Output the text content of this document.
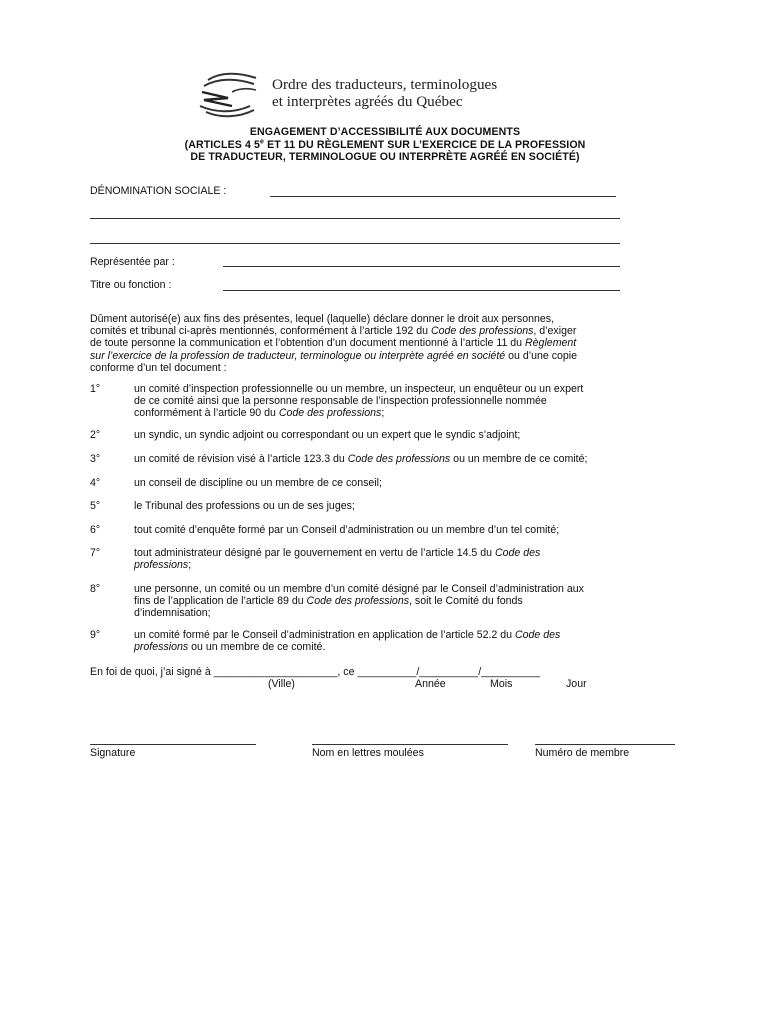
Ordre des traducteurs, terminologues
et interprètes agréés du Québec
ENGAGEMENT D’ACCESSIBILITÉ AUX DOCUMENTS
(ARTICLES 4 5e ET 11 DU RÈGLEMENT SUR L’EXERCICE DE LA PROFESSION
DE TRADUCTEUR, TERMINOLOGUE OU INTERPRÈTE AGRÉÉ EN SOCIÉTÉ)
DÉNOMINATION SOCIALE :
Représentée par :
Titre ou fonction :
Dûment autorisé(e) aux fins des présentes, lequel (laquelle) déclare donner le droit aux personnes,
comités et tribunal ci-après mentionnés, conformément à l’article 192 du Code des professions, d’exiger
de toute personne la communication et l’obtention d’un document mentionné à l’article 11 du Règlement
sur l’exercice de la profession de traducteur, terminologue ou interprète agréé en société ou d’une copie
conforme d’un tel document :
1°	un comité d’inspection professionnelle ou un membre, un inspecteur, un enquêteur ou un expert
de ce comité ainsi que la personne responsable de l’inspection professionnelle nommée
conformément à l’article 90 du Code des professions;
2°	un syndic, un syndic adjoint ou correspondant ou un expert que le syndic s’adjoint;
3°	un comité de révision visé à l’article 123.3 du Code des professions ou un membre de ce comité;
4°	un conseil de discipline ou un membre de ce conseil;
5°	le Tribunal des professions ou un de ses juges;
6°	tout comité d’enquête formé par un Conseil d’administration ou un membre d’un tel comité;
7°	tout administrateur désigné par le gouvernement en vertu de l’article 14.5 du Code des
professions;
8°	une personne, un comité ou un membre d’un comité désigné par le Conseil d’administration aux
fins de l’application de l’article 89 du Code des professions, soit le Comité du fonds
d’indemnisation;
9°	un comité formé par le Conseil d’administration en application de l’article 52.2 du Code des
professions ou un membre de ce comité.
En foi de quoi, j’ai signé à _____________________, ce __________/__________/__________
(Ville)	Année	Mois	Jour
Signature	Nom en lettres moulées	Numéro de membre
